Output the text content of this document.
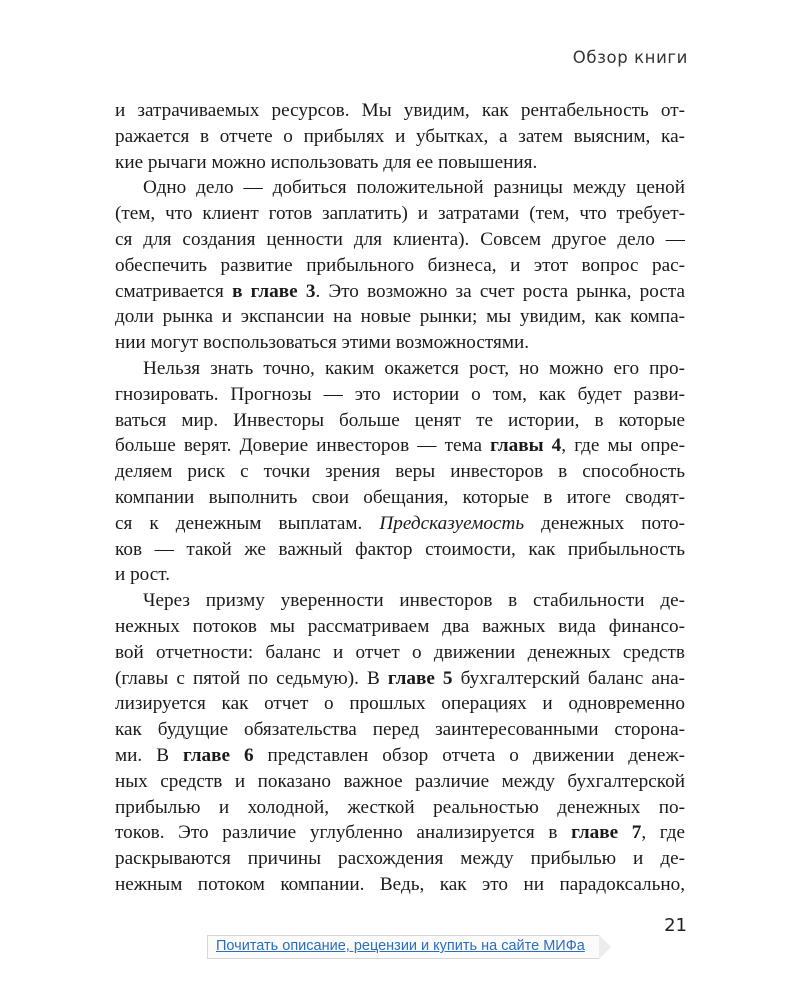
Обзор книги
и затрачиваемых ресурсов. Мы увидим, как рентабельность от-
ражается в отчете о прибылях и убытках, а затем выясним, ка-
кие рычаги можно использовать для ее повышения.
Одно дело — добиться положительной разницы между ценой
(тем, что клиент готов заплатить) и затратами (тем, что требует-
ся для создания ценности для клиента). Совсем другое дело —
обеспечить развитие прибыльного бизнеса, и этот вопрос рас-
сматривается в главе 3. Это возможно за счет роста рынка, роста
доли рынка и экспансии на новые рынки; мы увидим, как компа-
нии могут воспользоваться этими возможностями.
Нельзя знать точно, каким окажется рост, но можно его про-
гнозировать. Прогнозы — это истории о том, как будет разви-
ваться мир. Инвесторы больше ценят те истории, в которые
больше верят. Доверие инвесторов — тема главы 4, где мы опре-
деляем риск с точки зрения веры инвесторов в способность
компании выполнить свои обещания, которые в итоге сводят-
ся к денежным выплатам. Предсказуемость денежных пото-
ков — такой же важный фактор стоимости, как прибыльность
и рост.
Через призму уверенности инвесторов в стабильности де-
нежных потоков мы рассматриваем два важных вида финансо-
вой отчетности: баланс и отчет о движении денежных средств
(главы с пятой по седьмую). В главе 5 бухгалтерский баланс ана-
лизируется как отчет о прошлых операциях и одновременно
как будущие обязательства перед заинтересованными сторона-
ми. В главе 6 представлен обзор отчета о движении денеж-
ных средств и показано важное различие между бухгалтерской
прибылью и холодной, жесткой реальностью денежных по-
токов. Это различие углубленно анализируется в главе 7, где
раскрываются причины расхождения между прибылью и де-
нежным потоком компании. Ведь, как это ни парадоксально,
21
Почитать описание, рецензии и купить на сайте МИФа
